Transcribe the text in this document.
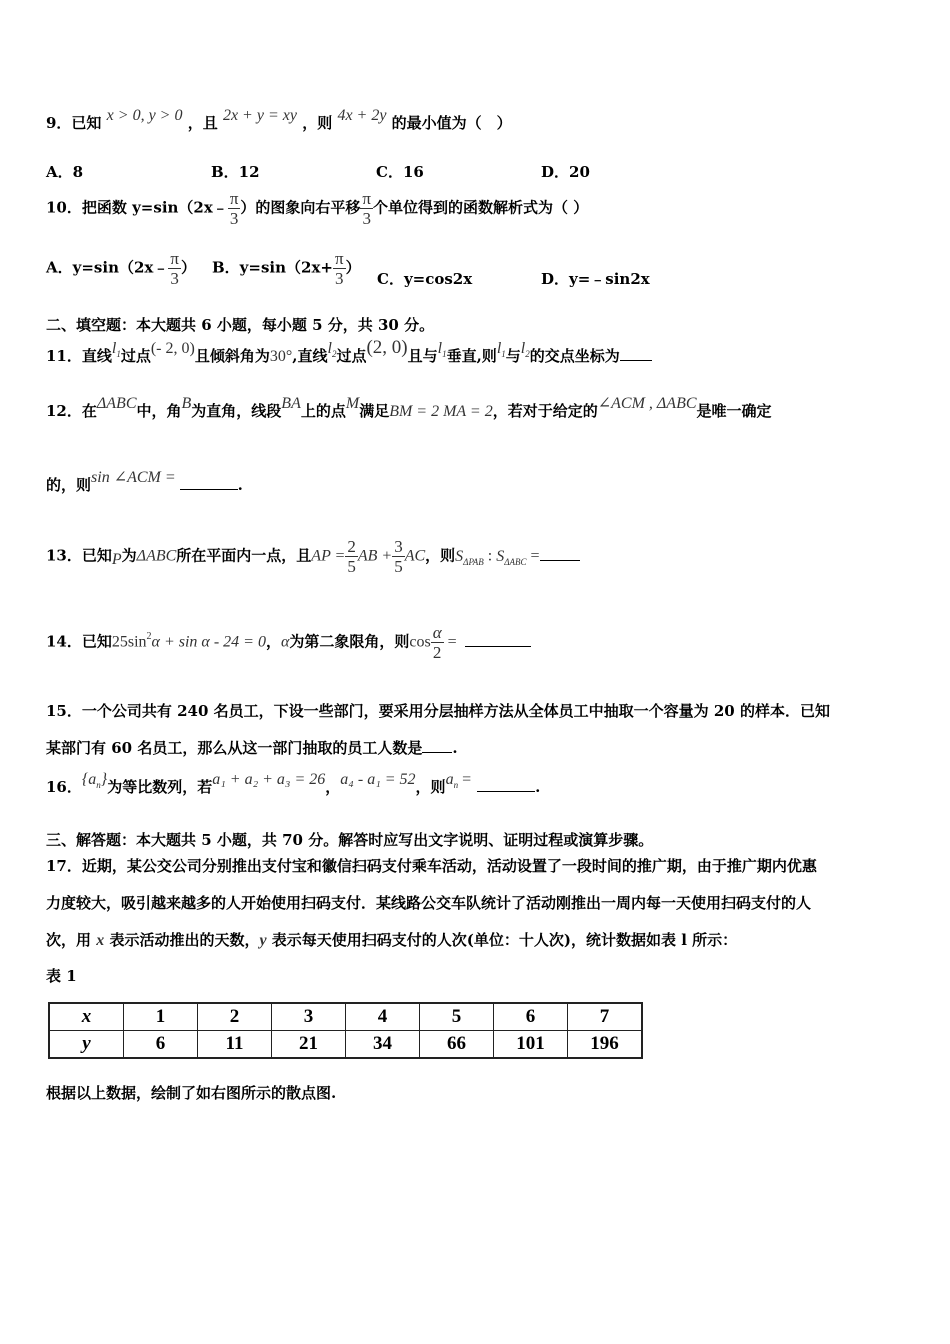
9．已知 x > 0, y > 0 ，且 2x + y = xy ，则 4x + 2y 的最小值为（　）
A．8	B．12	C．16	D．20
10．把函数 y=sin（2x﹣ $\frac{\pi}{3}$ ）的图象向右平移 $\frac{\pi}{3}$ 个单位得到的函数解析式为（ ）
A．y=sin（2x﹣ $\frac{\pi}{3}$ ） B．$y=\sin(2x+ \frac{\pi}{3}$ ）
C．y=cos2x	D．y=﹣sin2x
二、填空题：本大题共 6 小题，每小题 5 分，共 30 分。
11．直线$l_1$过点(- 2, 0)且倾斜角为30°,直线$l_2$过点(2, 0)且与$l_1$垂直,则$l_1$与$l_2$的交点坐标为
12．在ΔABC中，角B为直角，线段BA上的点M满足BM = 2 MA = 2，若对于给定的∠ACM , ΔABC是唯一确定
的，则sin ∠ACM =	.
13．已知P为ΔABC所在平面内一点，且AP = $\frac{2}{5}$ AB + $\frac{3}{5}$ AC，则$S_{\Delta PAB}$ : $S_{\Delta ABC}$ =
14．已知$25\sin^2\alpha + \sin \alpha - 24 = 0$，α为第二象限角，则$\cos \frac{\alpha}{2}$ =
15．一个公司共有 240 名员工，下设一些部门，要采用分层抽样方法从全体员工中抽取一个容量为 20 的样本．已知
某部门有 60 名员工，那么从这一部门抽取的员工人数是 .
16．$\{a_n\}$为等比数列，若a₁ + a₂ + a₃ = 26，a₄ - a₁ = 52，则$a_n$ =	.
三、解答题：本大题共 5 小题，共 70 分。解答时应写出文字说明、证明过程或演算步骤。
17．近期，某公交公司分别推出支付宝和徽信扫码支付乘车活动，活动设置了一段时间的推广期，由于推广期内优惠
力度较大，吸引越来越多的人开始使用扫码支付．某线路公交车队统计了活动刚推出一周内每一天使用扫码支付的人
次，用 x 表示活动推出的天数，y 表示每天使用扫码支付的人次(单位：十人次)，统计数据如表 l 所示：
表 1
x	1	2	3	4	5	6	7
y	6	11	21	34	66	101	196
根据以上数据，绘制了如右图所示的散点图.
